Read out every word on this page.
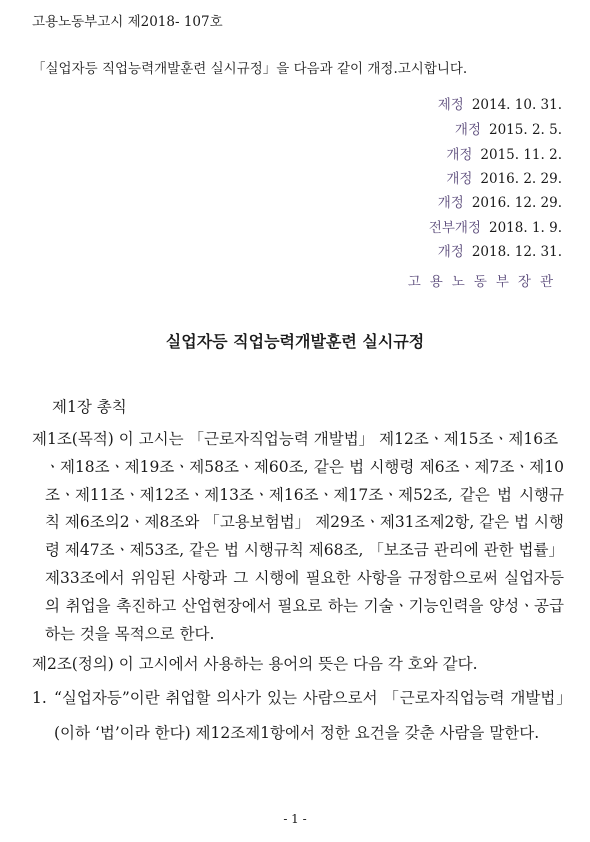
고용노동부고시 제2018- 107호
「실업자등 직업능력개발훈련 실시규정」을 다음과 같이 개정.고시합니다.
제정 2014. 10. 31.
개정 2015. 2. 5.
개정 2015. 11. 2.
개정 2016. 2. 29.
개정 2016. 12. 29.
전부개정 2018. 1. 9.
개정 2018. 12. 31.
고용노동부장관
실업자등 직업능력개발훈련 실시규정
제1장 총칙
제1조(목적) 이 고시는 「근로자직업능력 개발법」 제12조ㆍ제15조ㆍ제16조
ㆍ제18조ㆍ제19조ㆍ제58조ㆍ제60조, 같은 법 시행령 제6조ㆍ제7조ㆍ제10조ㆍ제11조ㆍ제12조ㆍ제13조ㆍ제16조ㆍ제17조ㆍ제52조, 같은 법 시행규칙 제6조의2ㆍ제8조와 「고용보험법」 제29조ㆍ제31조제2항, 같은 법 시행령 제47조ㆍ제53조, 같은 법 시행규칙 제68조, 「보조금 관리에 관한 법률」 제33조에서 위임된 사항과 그 시행에 필요한 사항을 규정함으로써 실업자등의 취업을 촉진하고 산업현장에서 필요로 하는 기술ㆍ기능인력을 양성ㆍ공급하는 것을 목적으로 한다.
제2조(정의) 이 고시에서 사용하는 용어의 뜻은 다음 각 호와 같다.
1. “실업자등”이란 취업할 의사가 있는 사람으로서 「근로자직업능력 개발법」(이하 ‘법’이라 한다) 제12조제1항에서 정한 요건을 갖춘 사람을 말한다.
- 1 -
